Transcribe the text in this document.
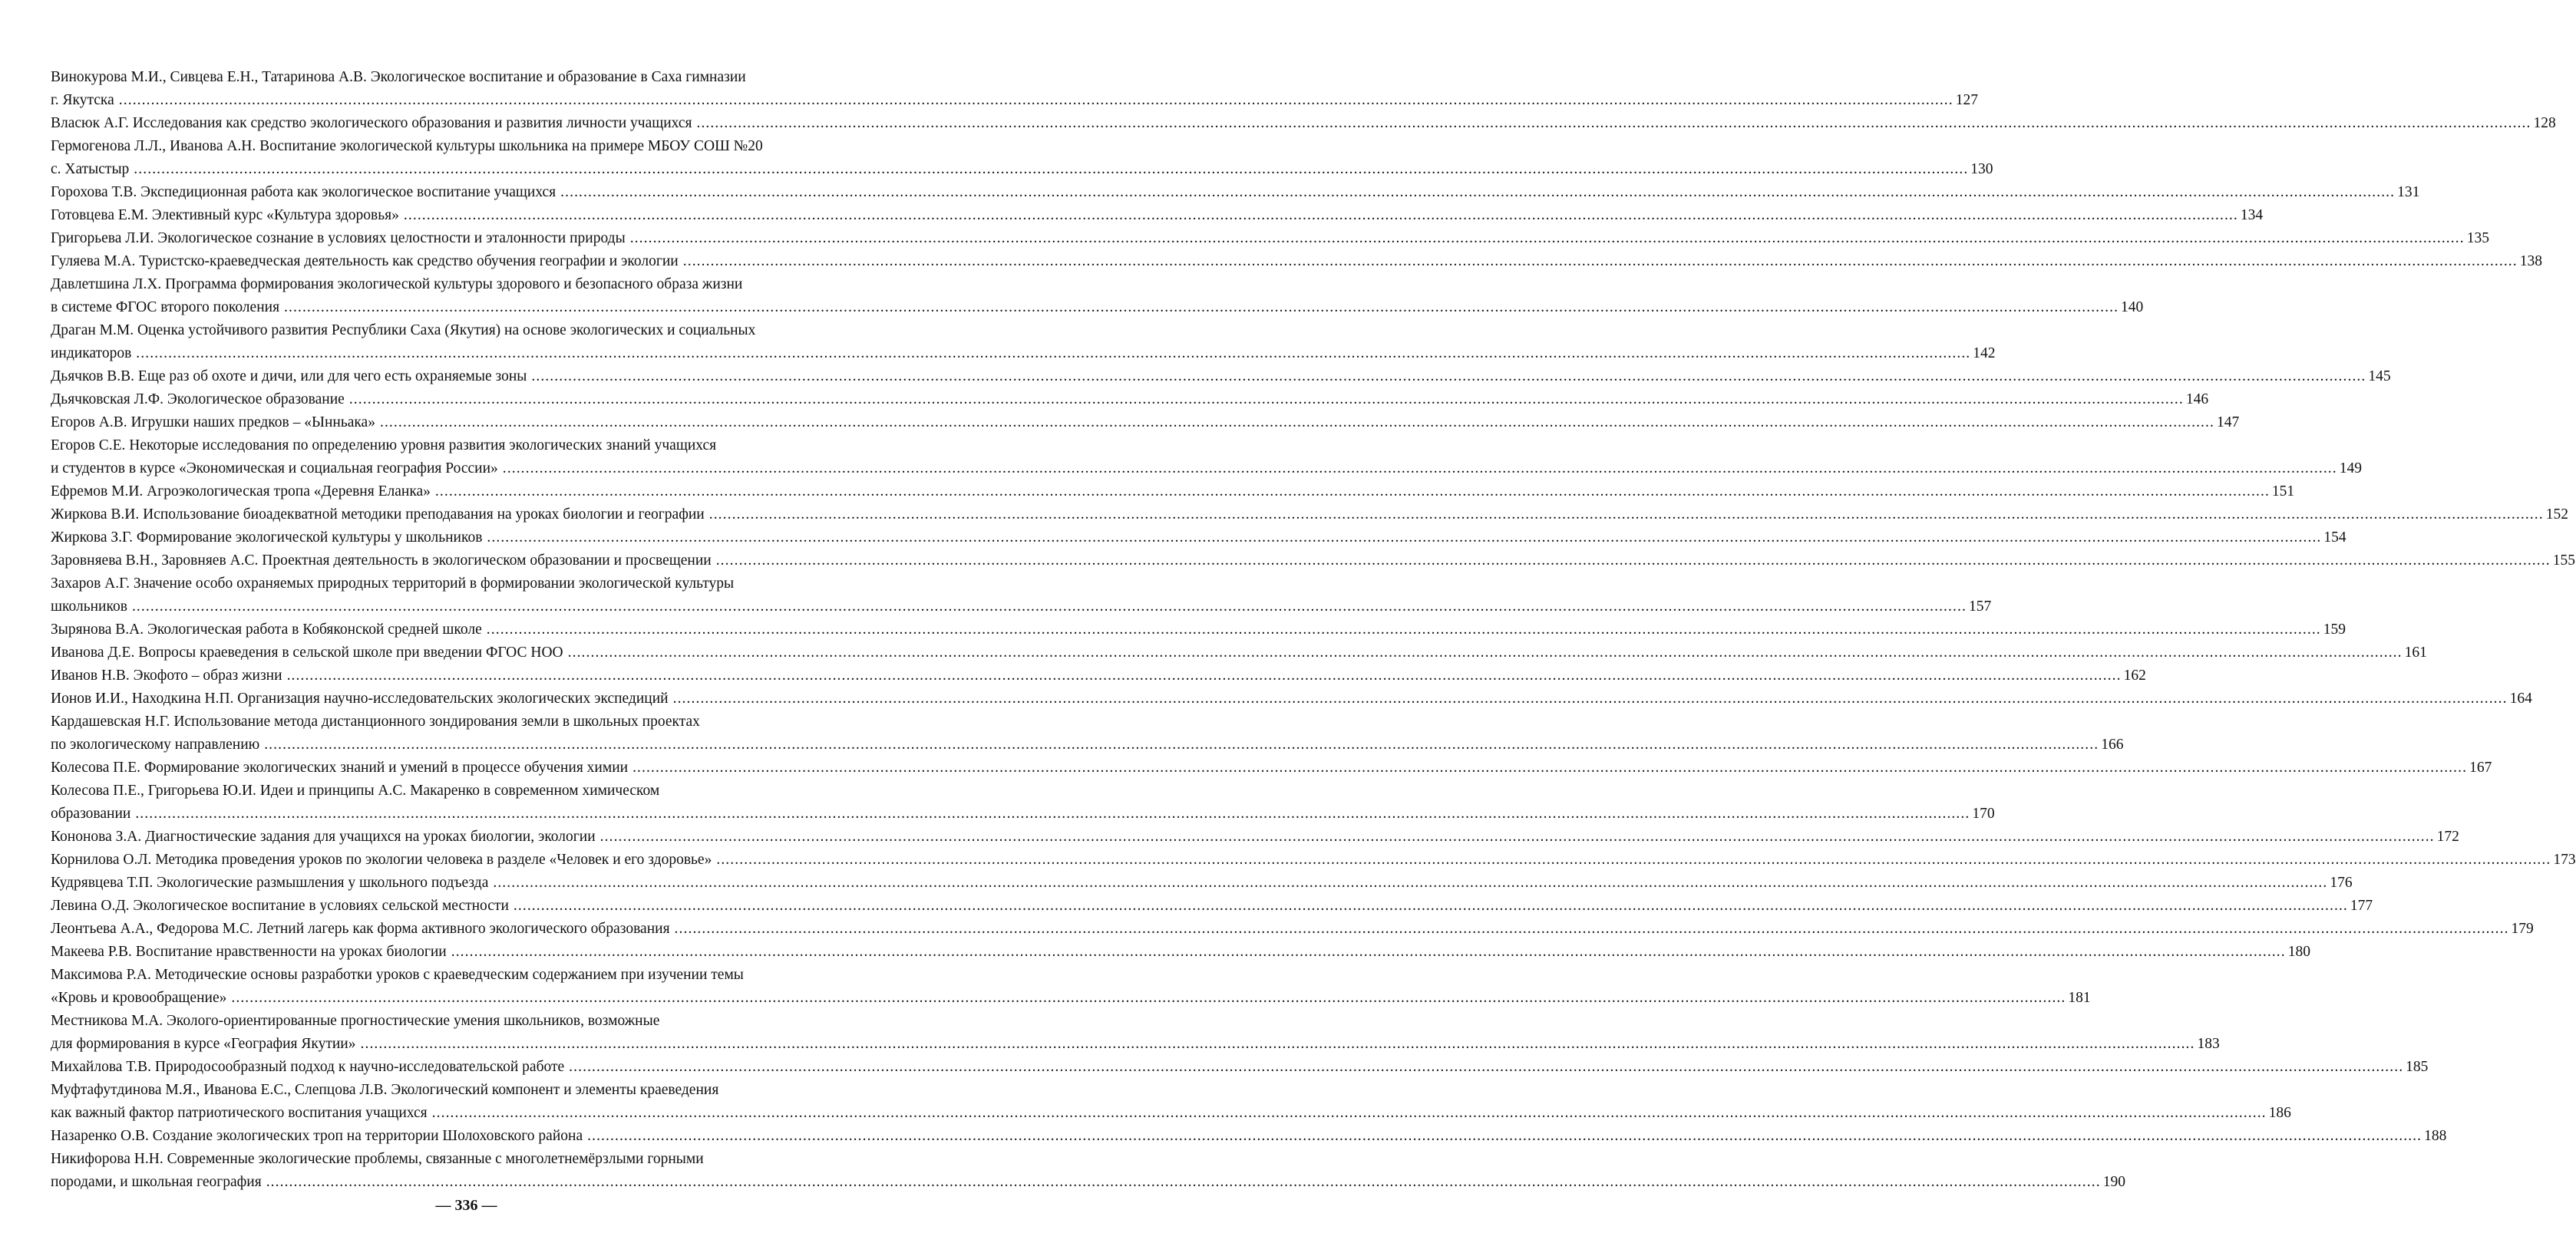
Винокурова М.И., Сивцева Е.Н., Татаринова А.В. Экологическое воспитание и образование в Саха гимназии
г. Якутска ................................................................................................................................................................................................................................................................................................................................................................................................................ 127
Власюк А.Г. Исследования как средство экологического образования и развития личности учащихся ................................................................................................................................................................................................................................................................................................................................................................................................................ 128
Гермогенова Л.Л., Иванова А.Н. Воспитание экологической культуры школьника на примере МБОУ СОШ №20
с. Хатыстыр ................................................................................................................................................................................................................................................................................................................................................................................................................ 130
Горохова Т.В. Экспедиционная работа как экологическое воспитание учащихся ................................................................................................................................................................................................................................................................................................................................................................................................................ 131
Готовцева Е.М. Элективный курс «Культура здоровья» ................................................................................................................................................................................................................................................................................................................................................................................................................ 134
Григорьева Л.И. Экологическое сознание в условиях целостности и эталонности природы ................................................................................................................................................................................................................................................................................................................................................................................................................ 135
Гуляева М.А. Туристско-краеведческая деятельность как средство обучения географии и экологии ................................................................................................................................................................................................................................................................................................................................................................................................................ 138
Давлетшина Л.Х. Программа формирования экологической культуры здорового и безопасного образа жизни
в системе ФГОС второго поколения ................................................................................................................................................................................................................................................................................................................................................................................................................ 140
Драган М.М. Оценка устойчивого развития Республики Саха (Якутия) на основе экологических и социальных
индикаторов ................................................................................................................................................................................................................................................................................................................................................................................................................ 142
Дьячков В.В. Еще раз об охоте и дичи, или для чего есть охраняемые зоны ................................................................................................................................................................................................................................................................................................................................................................................................................ 145
Дьячковская Л.Ф. Экологическое образование ................................................................................................................................................................................................................................................................................................................................................................................................................ 146
Егоров А.В. Игрушки наших предков – «Ынньака» ................................................................................................................................................................................................................................................................................................................................................................................................................ 147
Егоров С.Е. Некоторые исследования по определению уровня развития экологических знаний учащихся
и студентов в курсе «Экономическая и социальная география России» ................................................................................................................................................................................................................................................................................................................................................................................................................ 149
Ефремов М.И. Агроэкологическая тропа «Деревня Еланка» ................................................................................................................................................................................................................................................................................................................................................................................................................ 151
Жиркова В.И. Использование биоадекватной методики преподавания на уроках биологии и географии ................................................................................................................................................................................................................................................................................................................................................................................................................ 152
Жиркова З.Г. Формирование экологической культуры у школьников ................................................................................................................................................................................................................................................................................................................................................................................................................ 154
Заровняева В.Н., Заровняев А.С. Проектная деятельность в экологическом образовании и просвещении ................................................................................................................................................................................................................................................................................................................................................................................................................ 155
Захаров А.Г. Значение особо охраняемых природных территорий в формировании экологической культуры
школьников ................................................................................................................................................................................................................................................................................................................................................................................................................ 157
Зырянова В.А. Экологическая работа в Кобяконской средней школе ................................................................................................................................................................................................................................................................................................................................................................................................................ 159
Иванова Д.Е. Вопросы краеведения в сельской школе при введении ФГОС НОО ................................................................................................................................................................................................................................................................................................................................................................................................................ 161
Иванов Н.В. Экофото – образ жизни ................................................................................................................................................................................................................................................................................................................................................................................................................ 162
Ионов И.И., Находкина Н.П. Организация научно-исследовательских экологических экспедиций ................................................................................................................................................................................................................................................................................................................................................................................................................ 164
Кардашевская Н.Г. Использование метода дистанционного зондирования земли в школьных проектах
по экологическому направлению ................................................................................................................................................................................................................................................................................................................................................................................................................ 166
Колесова П.Е. Формирование экологических знаний и умений в процессе обучения химии ................................................................................................................................................................................................................................................................................................................................................................................................................ 167
Колесова П.Е., Григорьева Ю.И. Идеи и принципы А.С. Макаренко в современном химическом
образовании ................................................................................................................................................................................................................................................................................................................................................................................................................ 170
Кононова З.А. Диагностические задания для учащихся на уроках биологии, экологии ................................................................................................................................................................................................................................................................................................................................................................................................................ 172
Корнилова О.Л. Методика проведения уроков по экологии человека в разделе «Человек и его здоровье» ................................................................................................................................................................................................................................................................................................................................................................................................................ 173
Кудрявцева Т.П. Экологические размышления у школьного подъезда ................................................................................................................................................................................................................................................................................................................................................................................................................ 176
Левина О.Д. Экологическое воспитание в условиях сельской местности ................................................................................................................................................................................................................................................................................................................................................................................................................ 177
Леонтьева А.А., Федорова М.С. Летний лагерь как форма активного экологического образования ................................................................................................................................................................................................................................................................................................................................................................................................................ 179
Макеева Р.В. Воспитание нравственности на уроках биологии ................................................................................................................................................................................................................................................................................................................................................................................................................ 180
Максимова Р.А. Методические основы разработки уроков с краеведческим содержанием при изучении темы
«Кровь и кровообращение» ................................................................................................................................................................................................................................................................................................................................................................................................................ 181
Местникова М.А. Эколого-ориентированные прогностические умения школьников, возможные
для формирования в курсе «География Якутии» ................................................................................................................................................................................................................................................................................................................................................................................................................ 183
Михайлова Т.В. Природосообразный подход к научно-исследовательской работе ................................................................................................................................................................................................................................................................................................................................................................................................................ 185
Муфтафутдинова М.Я., Иванова Е.С., Слепцова Л.В. Экологический компонент и элементы краеведения
как важный фактор патриотического воспитания учащихся ................................................................................................................................................................................................................................................................................................................................................................................................................ 186
Назаренко О.В. Создание экологических троп на территории Шолоховского района ................................................................................................................................................................................................................................................................................................................................................................................................................ 188
Никифорова Н.Н. Современные экологические проблемы, связанные с многолетнемёрзлыми горными
породами, и школьная география ................................................................................................................................................................................................................................................................................................................................................................................................................ 190
— 336 —
